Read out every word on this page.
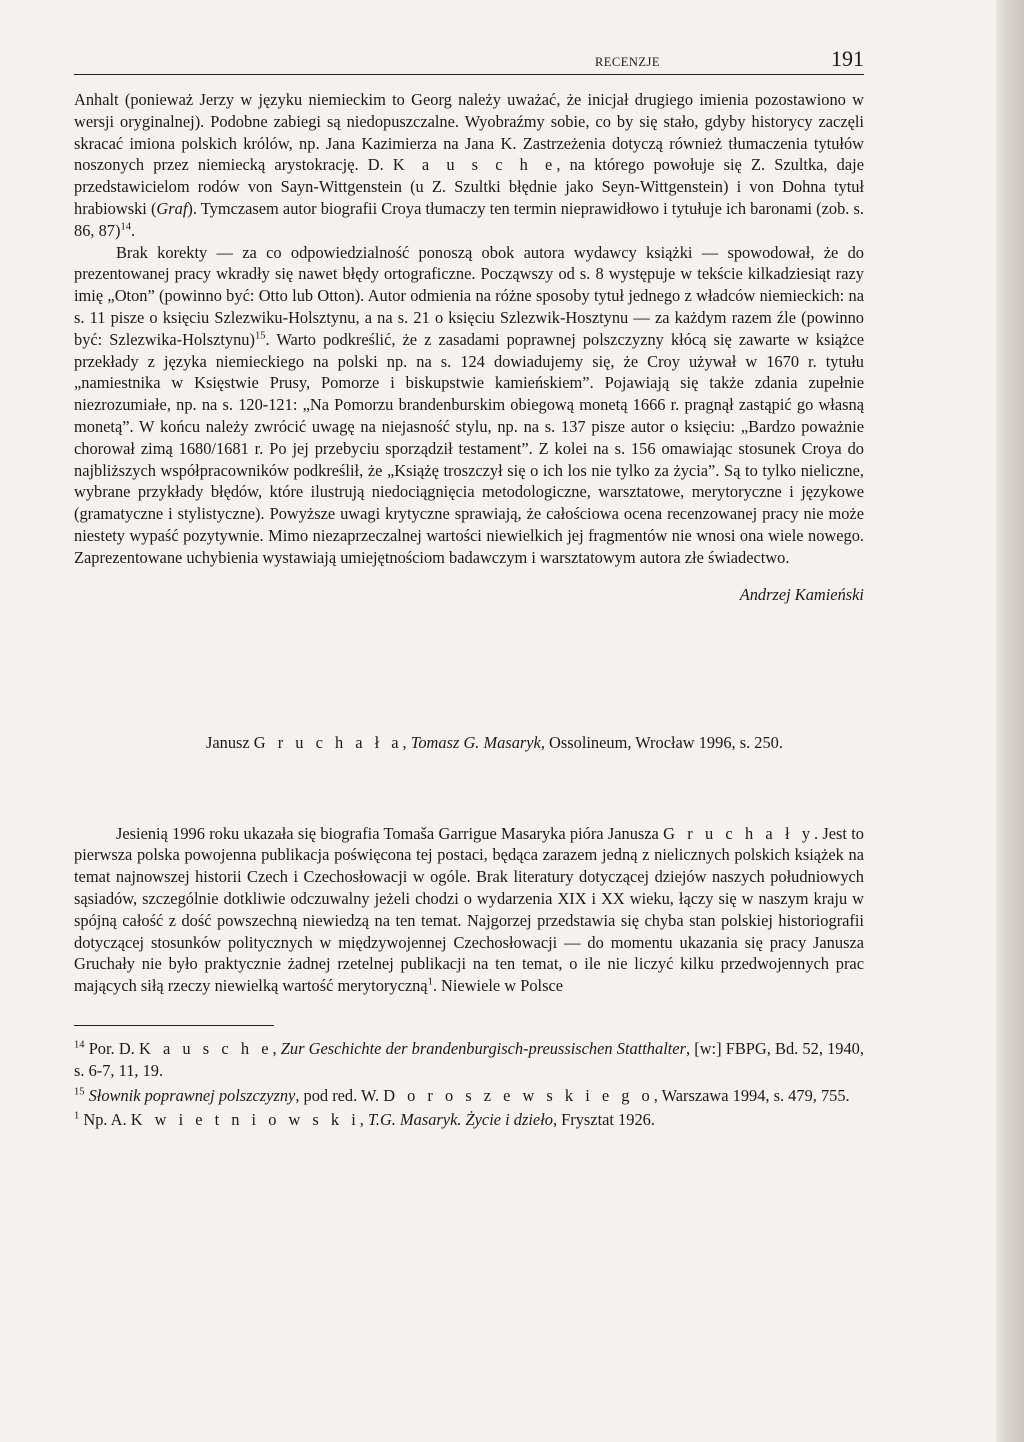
RECENZJE	191

Anhalt (ponieważ Jerzy w języku niemieckim to Georg należy uważać, że inicjał drugiego imienia pozostawiono w wersji oryginalnej). Podobne zabiegi są niedopuszczalne. Wyobraźmy sobie, co by się stało, gdyby historycy zaczęli skracać imiona polskich królów, np. Jana Kazimierza na Jana K. Zastrzeżenia dotyczą również tłumaczenia tytułów noszonych przez niemiecką arystokrację. D. K a u s c h e, na którego powołuje się Z. Szultka, daje przedstawicielom rodów von Sayn-Wittgenstein (u Z. Szultki błędnie jako Seyn-Wittgenstein) i von Dohna tytuł hrabiowski (Graf). Tymczasem autor biografii Croya tłumaczy ten termin nieprawidłowo i tytułuje ich baronami (zob. s. 86, 87)$^{14}$.

Brak korekty — za co odpowiedzialność ponoszą obok autora wydawcy książki — spowodował, że do prezentowanej pracy wkradły się nawet błędy ortograficzne. Począwszy od s. 8 występuje w tekście kilkadziesiąt razy imię „Oton” (powinno być: Otto lub Otton). Autor odmienia na różne sposoby tytuł jednego z władców niemieckich: na s. 11 pisze o księciu Szlezwiku-Holsztynu, a na s. 21 o księciu Szlezwik-Hosztynu — za każdym razem źle (powinno być: Szlezwika-Holsztynu)$^{15}$. Warto podkreślić, że z zasadami poprawnej polszczyzny kłócą się zawarte w książce przekłady z języka niemieckiego na polski np. na s. 124 dowiadujemy się, że Croy używał w 1670 r. tytułu „namiestnika w Księstwie Prusy, Pomorze i biskupstwie kamieńskiem”. Pojawiają się także zdania zupełnie niezrozumiałe, np. na s. 120-121: „Na Pomorzu brandenburskim obiegową monetą 1666 r. pragnął zastąpić go własną monetą”. W końcu należy zwrócić uwagę na niejasność stylu, np. na s. 137 pisze autor o księciu: „Bardzo poważnie chorował zimą 1680/1681 r. Po jej przebyciu sporządził testament”. Z kolei na s. 156 omawiając stosunek Croya do najbliższych współpracowników podkreślił, że „Książę troszczył się o ich los nie tylko za życia”. Są to tylko nieliczne, wybrane przykłady błędów, które ilustrują niedociągnięcia metodologiczne, warsztatowe, merytoryczne i językowe (gramatyczne i stylistyczne). Powyższe uwagi krytyczne sprawiają, że całościowa ocena recenzowanej pracy nie może niestety wypaść pozytywnie. Mimo niezaprzeczalnej wartości niewielkich jej fragmentów nie wnosi ona wiele nowego. Zaprezentowane uchybienia wystawiają umiejętnościom badawczym i warsztatowym autora złe świadectwo.

Andrzej Kamieński
Janusz G r u c h a ł a, Tomasz G. Masaryk, Ossolineum, Wrocław 1996, s. 250.

Jesienią 1996 roku ukazała się biografia Tomaša Garrigue Masaryka pióra Janusza G r u c h a ł y. Jest to pierwsza polska powojenna publikacja poświęcona tej postaci, będąca zarazem jedną z nielicznych polskich książek na temat najnowszej historii Czech i Czechosłowacji w ogóle. Brak literatury dotyczącej dziejów naszych południowych sąsiadów, szczególnie dotkliwie odczuwalny jeżeli chodzi o wydarzenia XIX i XX wieku, łączy się w naszym kraju w spójną całość z dość powszechną niewiedzą na ten temat. Najgorzej przedstawia się chyba stan polskiej historiografii dotyczącej stosunków politycznych w międzywojennej Czechosłowacji — do momentu ukazania się pracy Janusza Gruchały nie było praktycznie żadnej rzetelnej publikacji na ten temat, o ile nie liczyć kilku przedwojennych prac mających siłą rzeczy niewielką wartość merytoryczną$^1$. Niewiele w Polsce

$^{14}$ Por. D. K a u s c h e, Zur Geschichte der brandenburgisch-preussischen Statthalter, [w:] FBPG, Bd. 52, 1940, s. 6-7, 11, 19.

$^{15}$ Słownik poprawnej polszczyzny, pod red. W. D o r o s z e w s k i e g o, Warszawa 1994, s. 479, 755.

$^1$ Np. A. K w i e t n i o w s k i, T.G. Masaryk. Życie i dzieło, Frysztat 1926.
